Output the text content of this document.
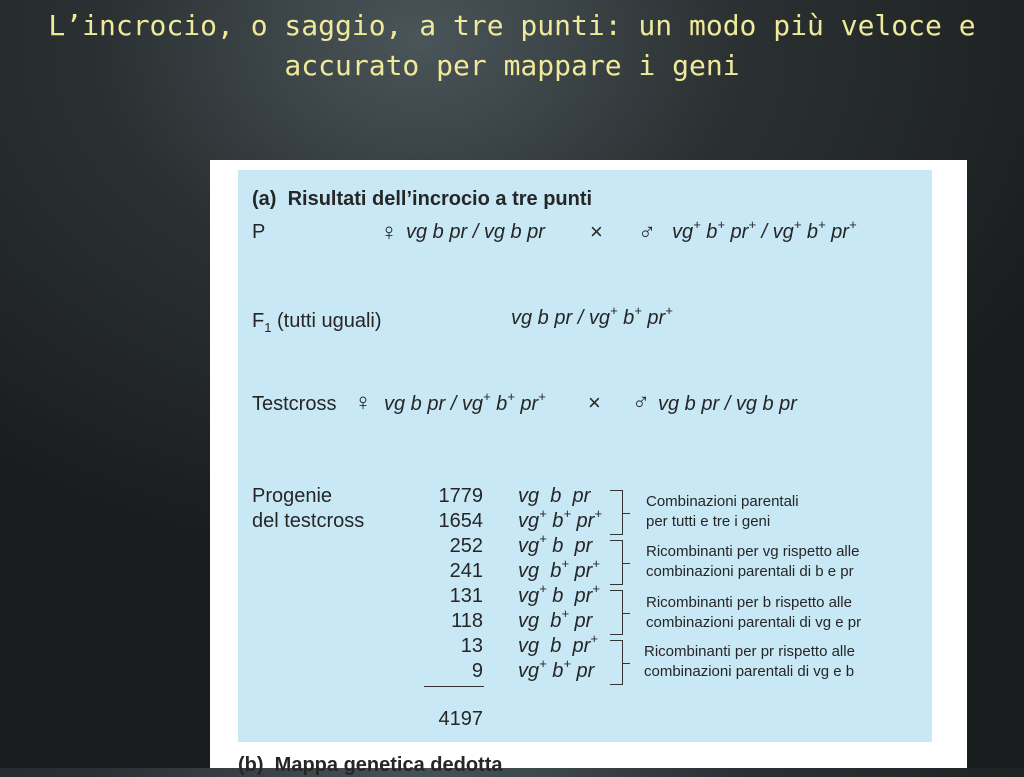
L’incrocio, o saggio, a tre punti: un modo più veloce e
accurato per mappare i geni
(a) Risultati dell’incrocio a tre punti
P	♀ vg b pr / vg b pr × ♂ vg+ b+ pr+ / vg+ b+ pr+
$F_1$ (tutti uguali)	vg b pr / vg+ b+ pr+
Testcross ♀ vg b pr / vg+ b+ pr+ × ♂ vg b pr / vg b pr
Progenie
del testcross
1779
1654
252
241
131
118
13
9
4197
vg  b  pr
vg+ b+ pr+
vg+ b  pr
vg  b+ pr+
vg+ b  pr+
vg  b+ pr
vg  b  pr+
vg+ b+ pr
Combinazioni parentali
per tutti e tre i geni
Ricombinanti per vg rispetto alle
combinazioni parentali di b e pr
Ricombinanti per b rispetto alle
combinazioni parentali di vg e pr
Ricombinanti per pr rispetto alle
combinazioni parentali di vg e b
(b) Mappa genetica dedotta
